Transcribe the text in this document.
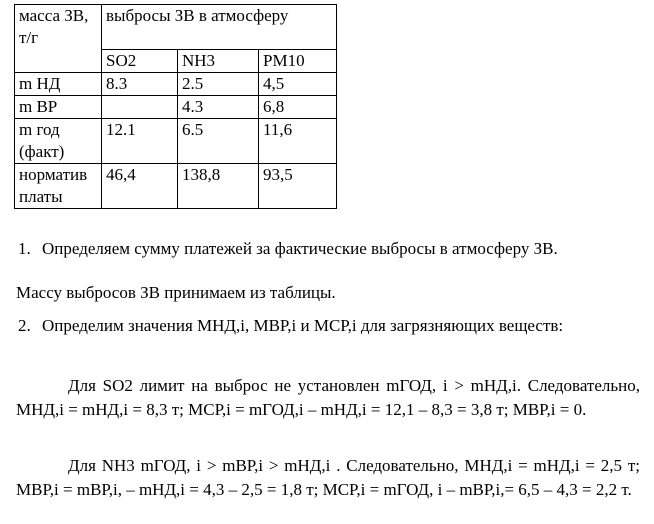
масса ЗВ, т/г	выбросы ЗВ в атмосферу		
	SO2	NH3	PM10
m НД	8.3	2.5	4,5
m ВР		4.3	6,8
m год (факт)	12.1	6.5	11,6
норматив платы	46,4	138,8	93,5
1. Определяем сумму платежей за фактические выбросы в атмосферу ЗВ.
Массу выбросов ЗВ принимаем из таблицы.
2. Определим значения МНД,i, МВР,i и МСР,i для загрязняющих веществ:
Для SO2 лимит на выброс не установлен mГОД, i > mНД,i. Следовательно, МНД,i = mНД,i = 8,3 т; МСР,i = mГОД,i – mНД,i = 12,1 – 8,3 = 3,8 т; МВР,i = 0.
Для NH3 mГОД, i > mВР,i > mНД,i . Следовательно, МНД,i = mНД,i = 2,5 т; МВР,i = mВР,i, – mНД,i = 4,3 – 2,5 = 1,8 т; МСР,i = mГОД, i – mВР,i,= 6,5 – 4,3 = 2,2 т.
